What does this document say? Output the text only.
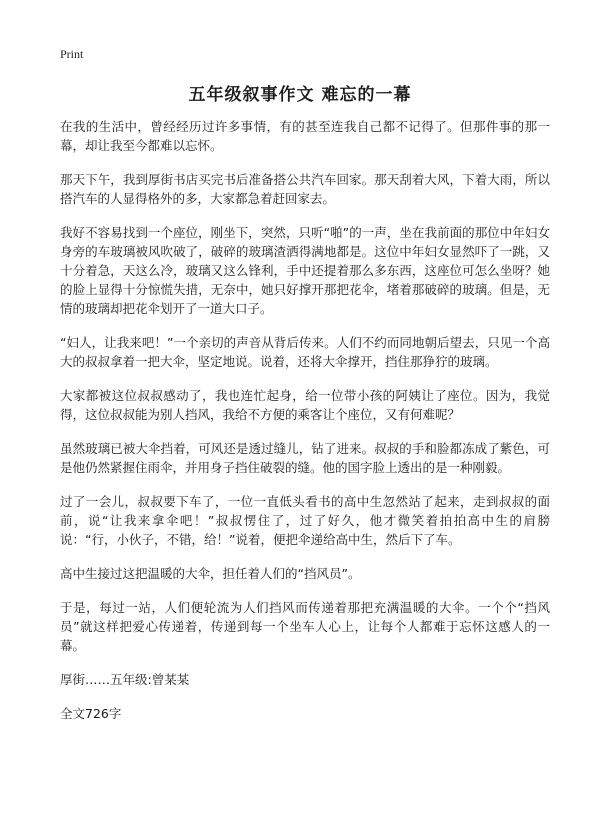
Print
五年级叙事作文 难忘的一幕

在我的生活中，曾经经历过许多事情，有的甚至连我自己都不记得了。但那件事的那一幕，却让我至今都难以忘怀。

那天下午，我到厚街书店买完书后准备搭公共汽车回家。那天刮着大风，下着大雨，所以搭汽车的人显得格外的多，大家都急着赶回家去。

我好不容易找到一个座位，刚坐下，突然，只听“啪”的一声，坐在我前面的那位中年妇女身旁的车玻璃被风吹破了，破碎的玻璃渣洒得满地都是。这位中年妇女显然吓了一跳，又十分着急，天这么冷，玻璃又这么锋利，手中还提着那么多东西，这座位可怎么坐呀？她的脸上显得十分惊慌失措，无奈中，她只好撑开那把花伞，堵着那破碎的玻璃。但是，无情的玻璃却把花伞划开了一道大口子。

“妇人，让我来吧！”一个亲切的声音从背后传来。人们不约而同地朝后望去，只见一个高大的叔叔拿着一把大伞，坚定地说。说着，还将大伞撑开，挡住那狰狞的玻璃。

大家都被这位叔叔感动了，我也连忙起身，给一位带小孩的阿姨让了座位。因为，我觉得，这位叔叔能为别人挡风，我给不方便的乘客让个座位，又有何难呢？

虽然玻璃已被大伞挡着，可风还是透过缝儿，钻了进来。叔叔的手和脸都冻成了紫色，可是他仍然紧握住雨伞，并用身子挡住破裂的缝。他的国字脸上透出的是一种刚毅。

过了一会儿，叔叔要下车了，一位一直低头看书的高中生忽然站了起来，走到叔叔的面前，说“让我来拿伞吧！”叔叔愣住了，过了好久，他才微笑着拍拍高中生的肩膀说：“行，小伙子，不错，给！”说着，便把伞递给高中生，然后下了车。

高中生接过这把温暖的大伞，担任着人们的“挡风员”。

于是，每过一站，人们便轮流为人们挡风而传递着那把充满温暖的大伞。一个个“挡风员”就这样把爱心传递着，传递到每一个坐车人心上，让每个人都难于忘怀这感人的一幕。

厚街……五年级:曾某某
全文726字
